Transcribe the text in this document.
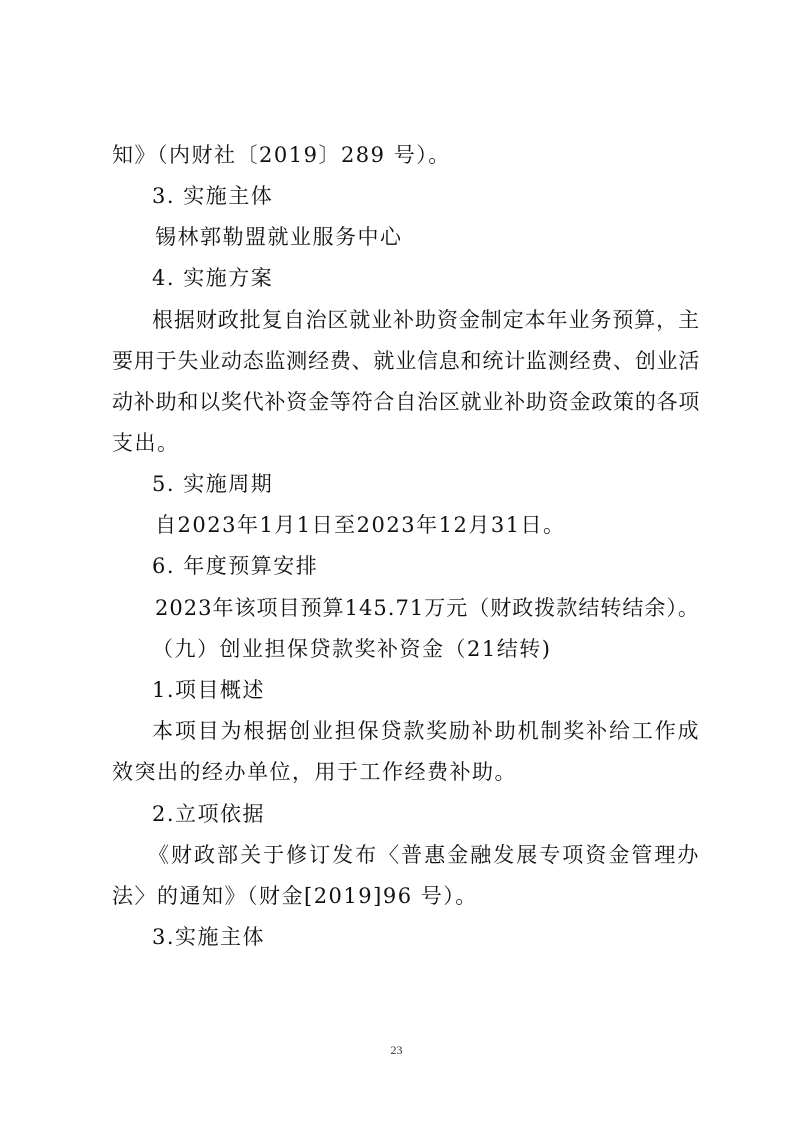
知》（内财社〔2019〕289 号）。
3. 实施主体
锡林郭勒盟就业服务中心
4. 实施方案
根据财政批复自治区就业补助资金制定本年业务预算，主
要用于失业动态监测经费、就业信息和统计监测经费、创业活
动补助和以奖代补资金等符合自治区就业补助资金政策的各项
支出。
5. 实施周期
自2023年1月1日至2023年12月31日。
6. 年度预算安排
2023年该项目预算145.71万元（财政拨款结转结余）。
（九）创业担保贷款奖补资金（21结转)
1.项目概述
本项目为根据创业担保贷款奖励补助机制奖补给工作成
效突出的经办单位，用于工作经费补助。
2.立项依据
《财政部关于修订发布〈普惠金融发展专项资金管理办
法〉的通知》（财金[2019]96 号）。
3.实施主体
23
